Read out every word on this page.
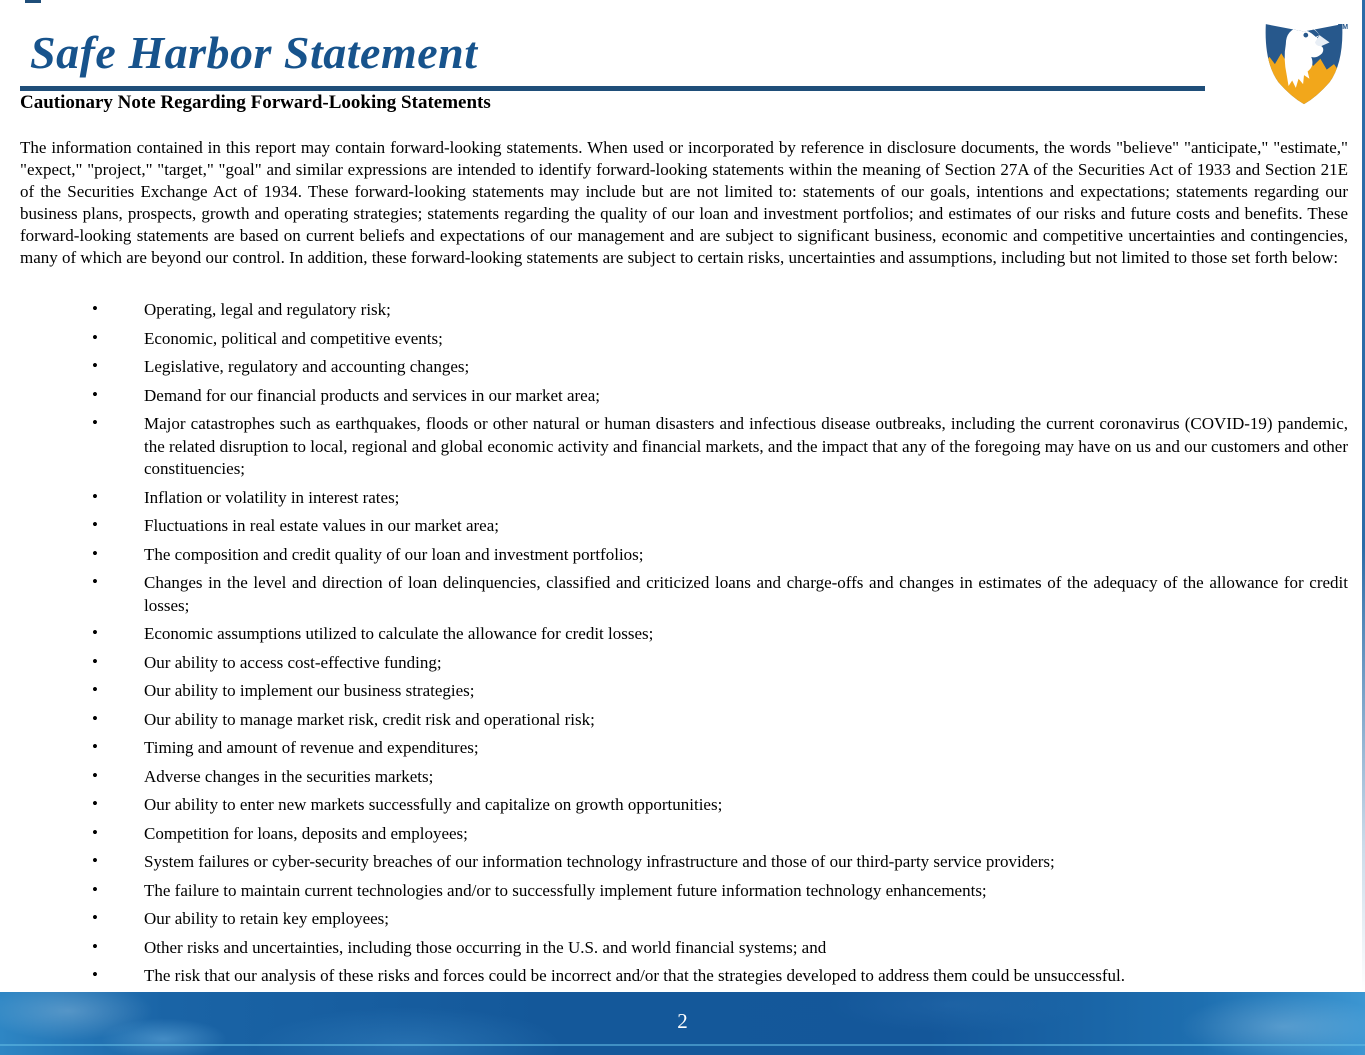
Safe Harbor Statement	TM
Cautionary Note Regarding Forward-Looking Statements
The information contained in this report may contain forward-looking statements. When used or incorporated by reference in disclosure documents, the words "believe" "anticipate," "estimate," "expect," "project," "target," "goal" and similar expressions are intended to identify forward-looking statements within the meaning of Section 27A of the Securities Act of 1933 and Section 21E of the Securities Exchange Act of 1934. These forward-looking statements may include but are not limited to: statements of our goals, intentions and expectations; statements regarding our business plans, prospects, growth and operating strategies; statements regarding the quality of our loan and investment portfolios; and estimates of our risks and future costs and benefits. These forward-looking statements are based on current beliefs and expectations of our management and are subject to significant business, economic and competitive uncertainties and contingencies, many of which are beyond our control. In addition, these forward-looking statements are subject to certain risks, uncertainties and assumptions, including but not limited to those set forth below:
•	Operating, legal and regulatory risk;
•	Economic, political and competitive events;
•	Legislative, regulatory and accounting changes;
•	Demand for our financial products and services in our market area;
•	Major catastrophes such as earthquakes, floods or other natural or human disasters and infectious disease outbreaks, including the current coronavirus (COVID-19) pandemic, the related disruption to local, regional and global economic activity and financial markets, and the impact that any of the foregoing may have on us and our customers and other constituencies;
•	Inflation or volatility in interest rates;
•	Fluctuations in real estate values in our market area;
•	The composition and credit quality of our loan and investment portfolios;
•	Changes in the level and direction of loan delinquencies, classified and criticized loans and charge-offs and changes in estimates of the adequacy of the allowance for credit losses;
•	Economic assumptions utilized to calculate the allowance for credit losses;
•	Our ability to access cost-effective funding;
•	Our ability to implement our business strategies;
•	Our ability to manage market risk, credit risk and operational risk;
•	Timing and amount of revenue and expenditures;
•	Adverse changes in the securities markets;
•	Our ability to enter new markets successfully and capitalize on growth opportunities;
•	Competition for loans, deposits and employees;
•	System failures or cyber-security breaches of our information technology infrastructure and those of our third-party service providers;
•	The failure to maintain current technologies and/or to successfully implement future information technology enhancements;
•	Our ability to retain key employees;
•	Other risks and uncertainties, including those occurring in the U.S. and world financial systems; and
•	The risk that our analysis of these risks and forces could be incorrect and/or that the strategies developed to address them could be unsuccessful.
2
